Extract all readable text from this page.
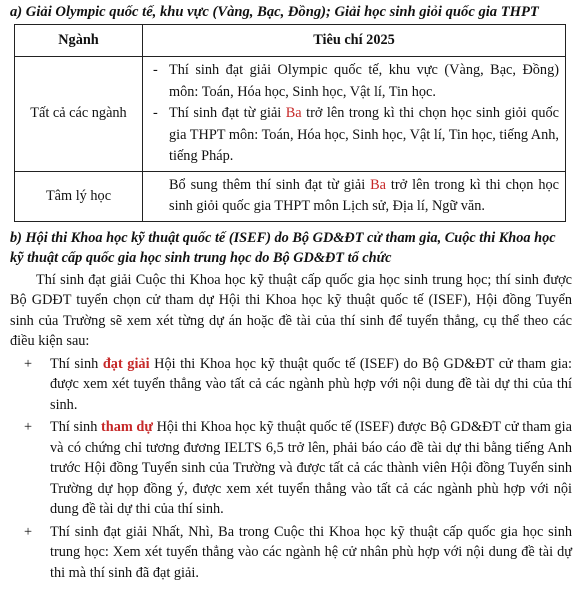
a) Giải Olympic quốc tế, khu vực (Vàng, Bạc, Đồng); Giải học sinh giỏi quốc gia THPT
Ngành	Tiêu chí 2025
Tất cả các ngành	- Thí sinh đạt giải Olympic quốc tế, khu vực (Vàng, Bạc, Đồng) môn: Toán, Hóa học, Sinh học, Vật lí, Tin học.
- Thí sinh đạt từ giải Ba trở lên trong kì thi chọn học sinh giỏi quốc gia THPT môn: Toán, Hóa học, Sinh học, Vật lí, Tin học, tiếng Anh, tiếng Pháp.

Tâm lý học	Bổ sung thêm thí sinh đạt từ giải Ba trở lên trong kì thi chọn học sinh giỏi quốc gia THPT môn Lịch sử, Địa lí, Ngữ văn.
b) Hội thi Khoa học kỹ thuật quốc tế (ISEF) do Bộ GD&ĐT cử tham gia, Cuộc thi Khoa học kỹ thuật cấp quốc gia học sinh trung học do Bộ GD&ĐT tổ chức

Thí sinh đạt giải Cuộc thi Khoa học kỹ thuật cấp quốc gia học sinh trung học; thí sinh được Bộ GDĐT tuyển chọn cử tham dự Hội thi Khoa học kỹ thuật quốc tế (ISEF), Hội đồng Tuyển sinh của Trường sẽ xem xét từng dự án hoặc đề tài của thí sinh để tuyển thẳng, cụ thể theo các điều kiện sau:

+	Thí sinh đạt giải Hội thi Khoa học kỹ thuật quốc tế (ISEF) do Bộ GD&ĐT cử tham gia: được xem xét tuyển thẳng vào tất cả các ngành phù hợp với nội dung đề tài dự thi của thí sinh.
+	Thí sinh tham dự Hội thi Khoa học kỹ thuật quốc tế (ISEF) được Bộ GD&ĐT cử tham gia và có chứng chỉ tương đương IELTS 6,5 trở lên, phải báo cáo đề tài dự thi bằng tiếng Anh trước Hội đồng Tuyển sinh của Trường và được tất cả các thành viên Hội đồng Tuyển sinh Trường dự họp đồng ý, được xem xét tuyển thẳng vào tất cả các ngành phù hợp với nội dung đề tài dự thi của thí sinh.
+	Thí sinh đạt giải Nhất, Nhì, Ba trong Cuộc thi Khoa học kỹ thuật cấp quốc gia học sinh trung học: Xem xét tuyển thẳng vào các ngành hệ cử nhân phù hợp với nội dung đề tài dự thi mà thí sinh đã đạt giải.
